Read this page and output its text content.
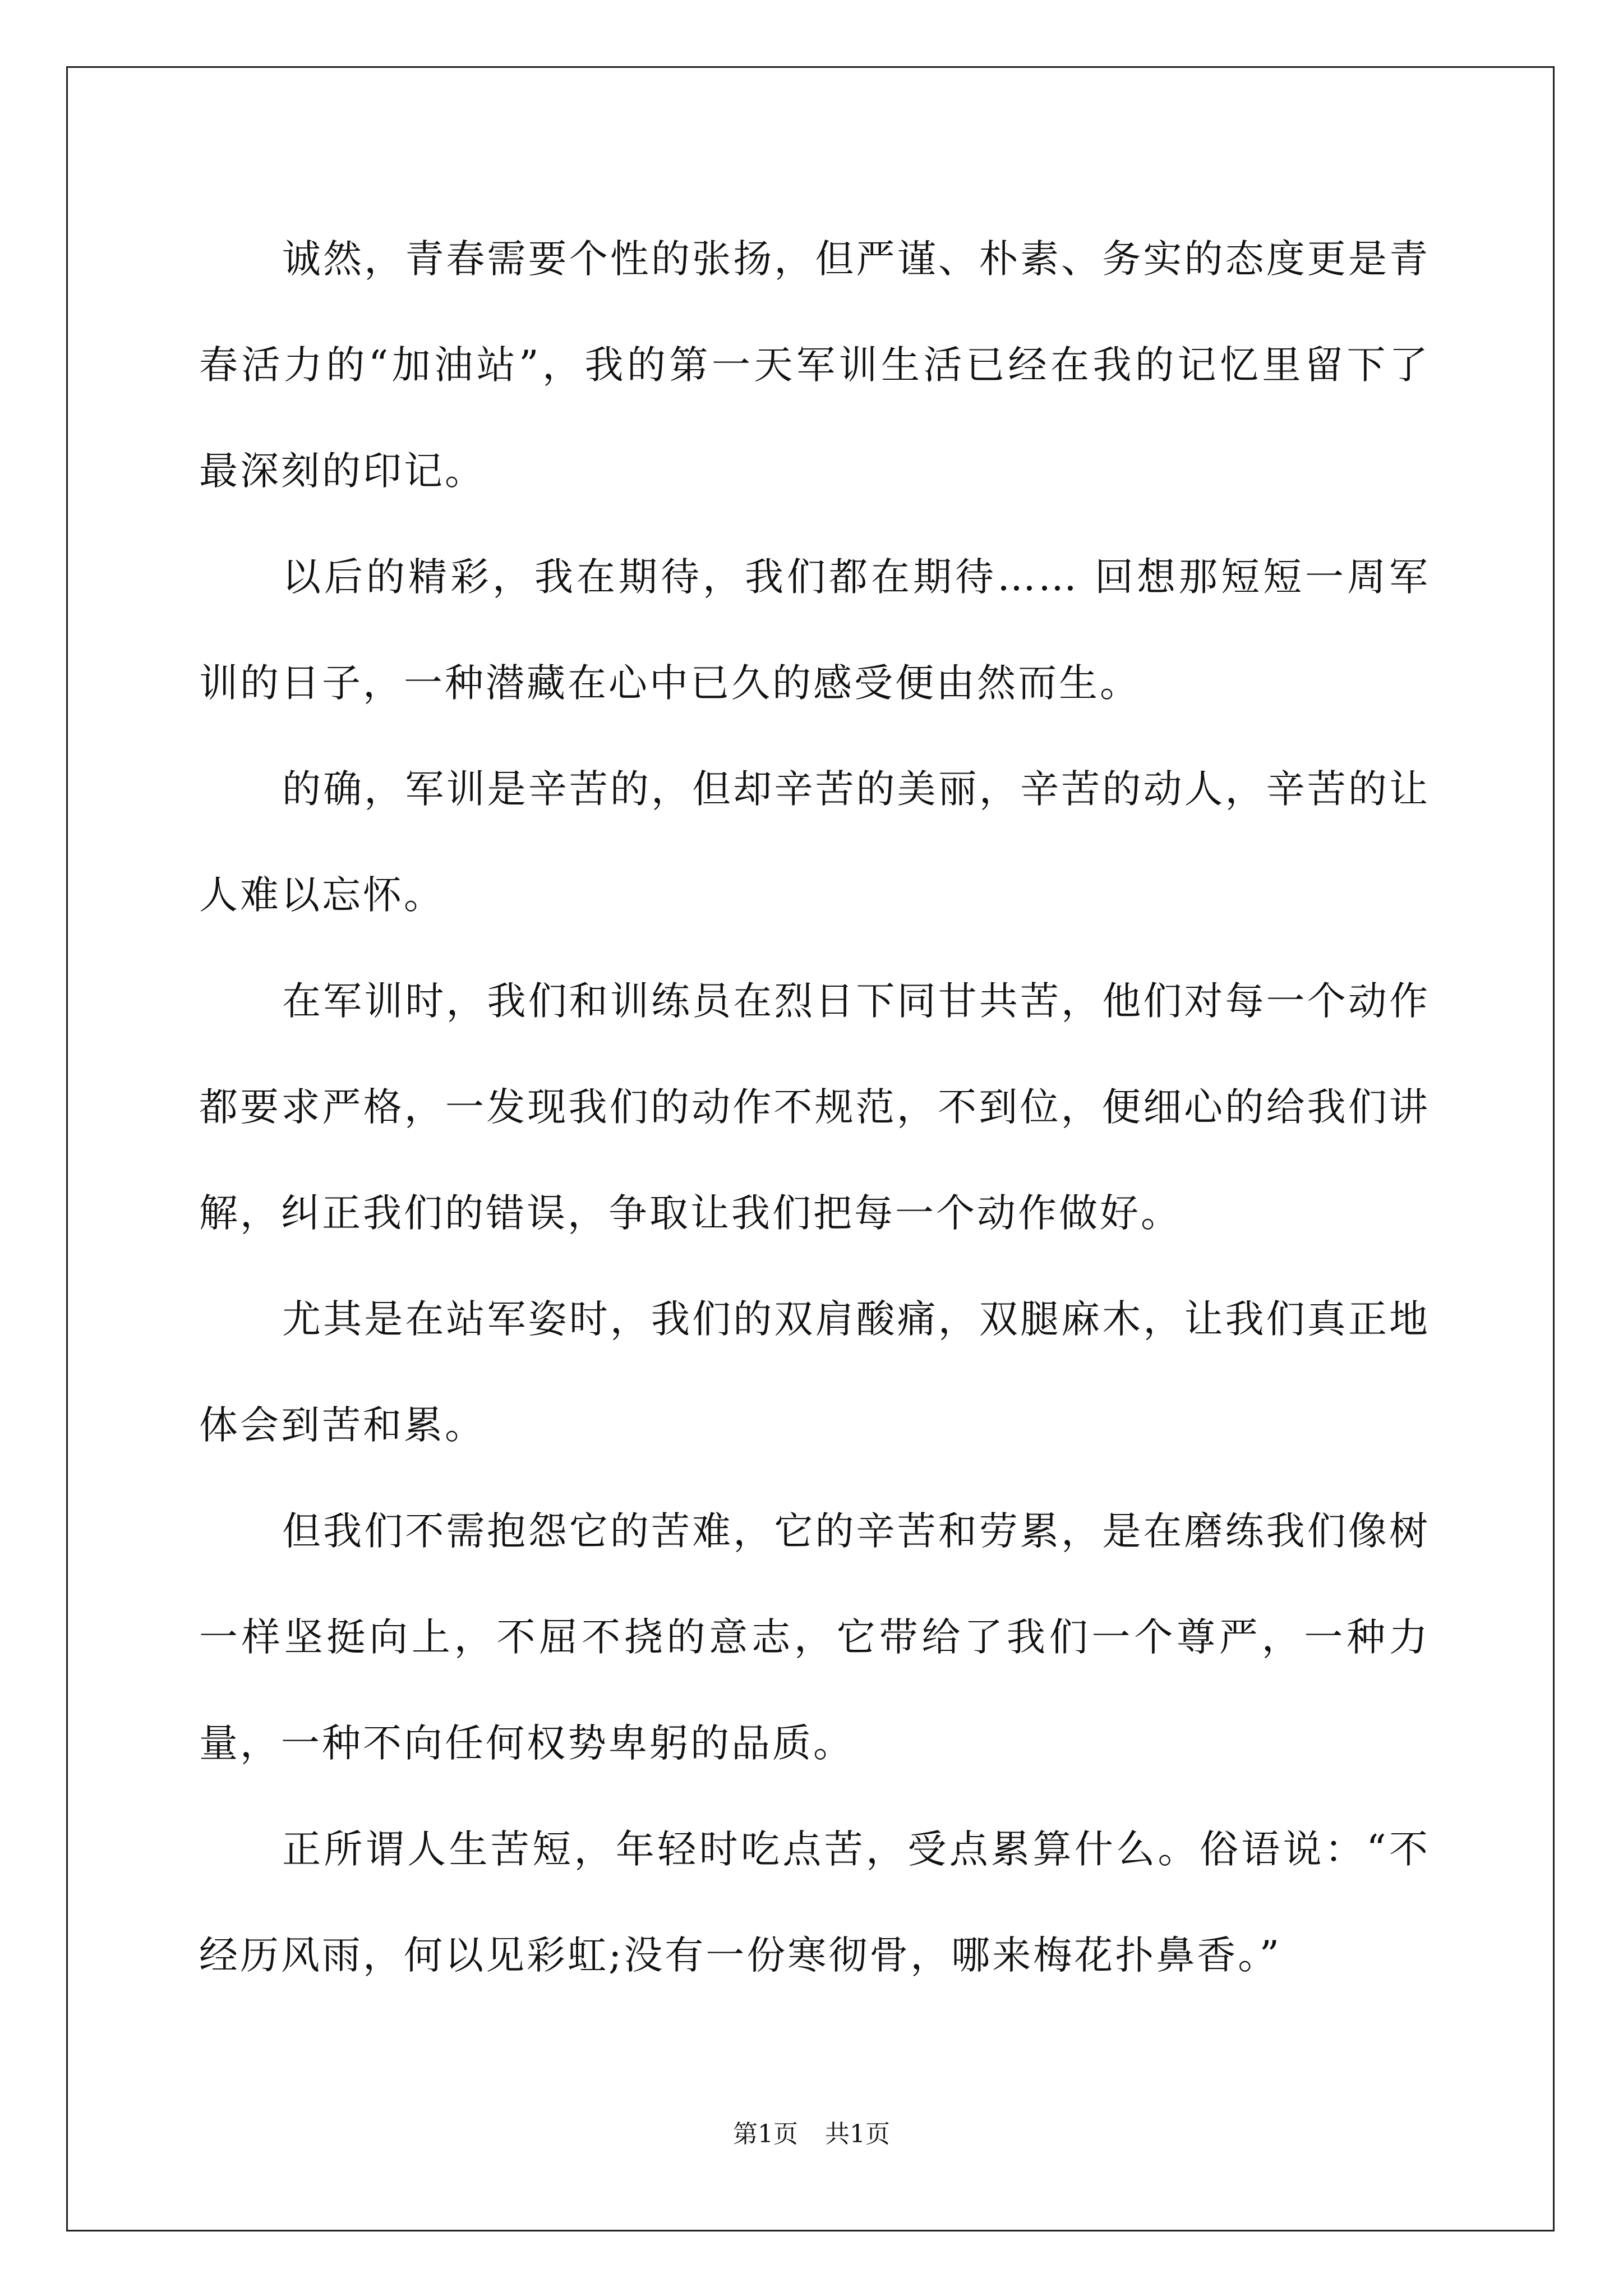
诚然，青春需要个性的张扬，但严谨、朴素、务实的态度更是青春活力的“加油站”，我的第一天军训生活已经在我的记忆里留下了最深刻的印记。

以后的精彩，我在期待，我们都在期待…… 回想那短短一周军训的日子，一种潜藏在心中已久的感受便由然而生。

的确，军训是辛苦的，但却辛苦的美丽，辛苦的动人，辛苦的让人难以忘怀。

在军训时，我们和训练员在烈日下同甘共苦，他们对每一个动作都要求严格，一发现我们的动作不规范，不到位，便细心的给我们讲解，纠正我们的错误，争取让我们把每一个动作做好。

尤其是在站军姿时，我们的双肩酸痛，双腿麻木，让我们真正地体会到苦和累。

但我们不需抱怨它的苦难，它的辛苦和劳累，是在磨练我们像树一样坚挺向上，不屈不挠的意志，它带给了我们一个尊严，一种力量，一种不向任何权势卑躬的品质。

正所谓人生苦短，年轻时吃点苦，受点累算什么。俗语说：“不经历风雨，何以见彩虹;没有一份寒彻骨，哪来梅花扑鼻香。”

第1页 共1页
